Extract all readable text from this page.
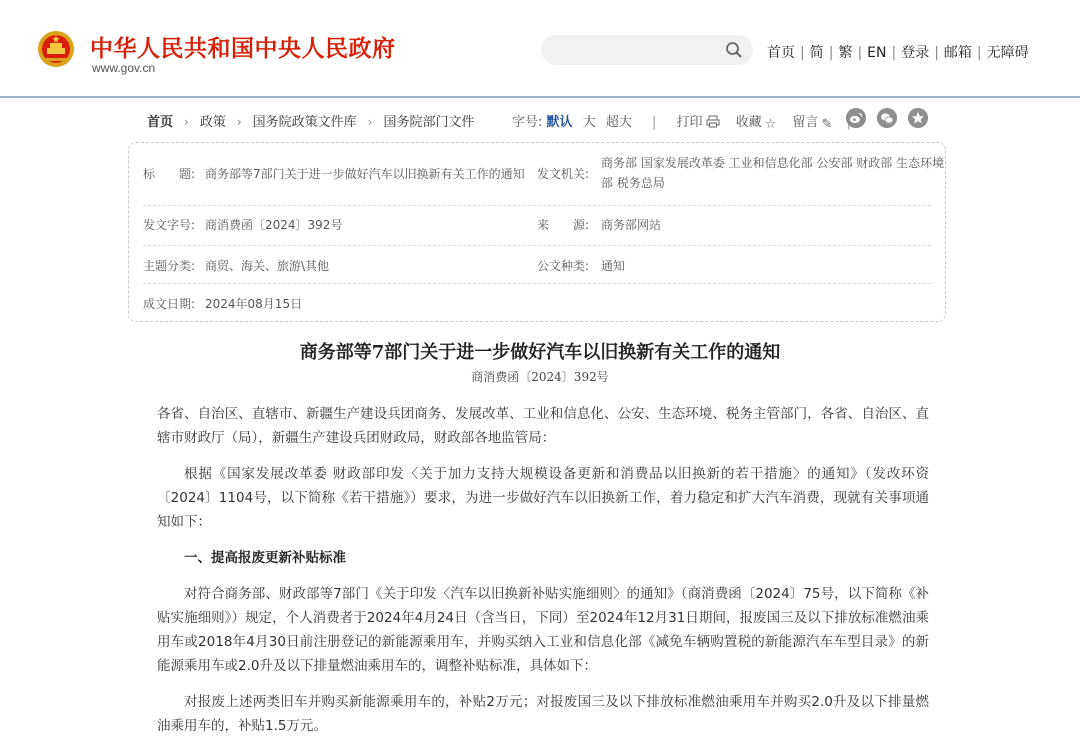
中华人民共和国中央人民政府
www.gov.cn
首页 | 简 | 繁 | EN | 登录 | 邮箱 | 无障碍
首页 › 政策 › 国务院政策文件库 › 国务院部门文件	字号: 默认 大 超大 | 打印	收藏 ☆ 留言 ✎
标　　题: 商务部等7部门关于进一步做好汽车以旧换新有关工作的通知 发文机关:
商务部 国家发展改革委 工业和信息化部 公安部 财政部 生态环境部 税务总局
发文字号: 商消费函〔2024〕392号	来　　源: 商务部网站
主题分类: 商贸、海关、旅游\其他	公文种类: 通知
成文日期: 2024年08月15日
商务部等7部门关于进一步做好汽车以旧换新有关工作的通知
商消费函〔2024〕392号

各省、自治区、直辖市、新疆生产建设兵团商务、发展改革、工业和信息化、公安、生态环境、税务主管部门，各省、自治区、直辖市财政厅（局），新疆生产建设兵团财政局，财政部各地监管局：

根据《国家发展改革委 财政部印发〈关于加力支持大规模设备更新和消费品以旧换新的若干措施〉的通知》（发改环资〔2024〕1104号，以下简称《若干措施》）要求，为进一步做好汽车以旧换新工作，着力稳定和扩大汽车消费，现就有关事项通知如下：

一、提高报废更新补贴标准

对符合商务部、财政部等7部门《关于印发〈汽车以旧换新补贴实施细则〉的通知》（商消费函〔2024〕75号，以下简称《补贴实施细则》）规定，个人消费者于2024年4月24日（含当日，下同）至2024年12月31日期间，报废国三及以下排放标准燃油乘用车或2018年4月30日前注册登记的新能源乘用车，并购买纳入工业和信息化部《减免车辆购置税的新能源汽车车型目录》的新能源乘用车或2.0升及以下排量燃油乘用车的，调整补贴标准，具体如下：

对报废上述两类旧车并购买新能源乘用车的，补贴2万元；对报废国三及以下排放标准燃油乘用车并购买2.0升及以下排量燃油乘用车的，补贴1.5万元。
